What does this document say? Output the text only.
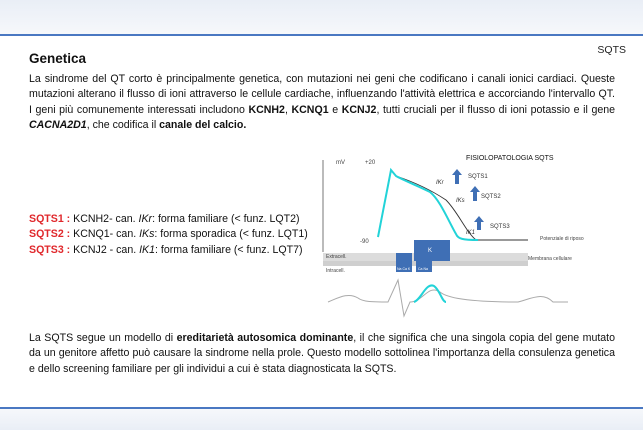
SQTS
Genetica
La sindrome del QT corto è principalmente genetica, con mutazioni nei geni che codificano i canali ionici cardiaci. Queste mutazioni alterano il flusso di ioni attraverso le cellule cardiache, influenzando l'attività elettrica e accorciando l'intervallo QT. I geni più comunemente interessati includono KCNH2, KCNQ1 e KCNJ2, tutti cruciali per il flusso di ioni potassio e il gene CACNA2D1, che codifica il canale del calcio.
SQTS1 : KCNH2- can. IKr: forma familiare (< funz. LQT2)
SQTS2 : KCNQ1- can. IKs: forma sporadica (< funz. LQT1)
SQTS3 : KCNJ2 - can. IK1: forma familiare (< funz. LQT7)
mV	+20
-90
FISIOLOPATOLOGIA SQTS
IKr
SQTS1
IKs
SQTS2
IK1
SQTS3
Potenziale di riposo
Extracell.
Intracell.
Membrana cellulare
K
Na Ca K Ca Na
La SQTS segue un modello di ereditarietà autosomica dominante, il che significa che una singola copia del gene mutato da un genitore affetto può causare la sindrome nella prole. Questo modello sottolinea l'importanza della consulenza genetica e dello screening familiare per gli individui a cui è stata diagnosticata la SQTS.
